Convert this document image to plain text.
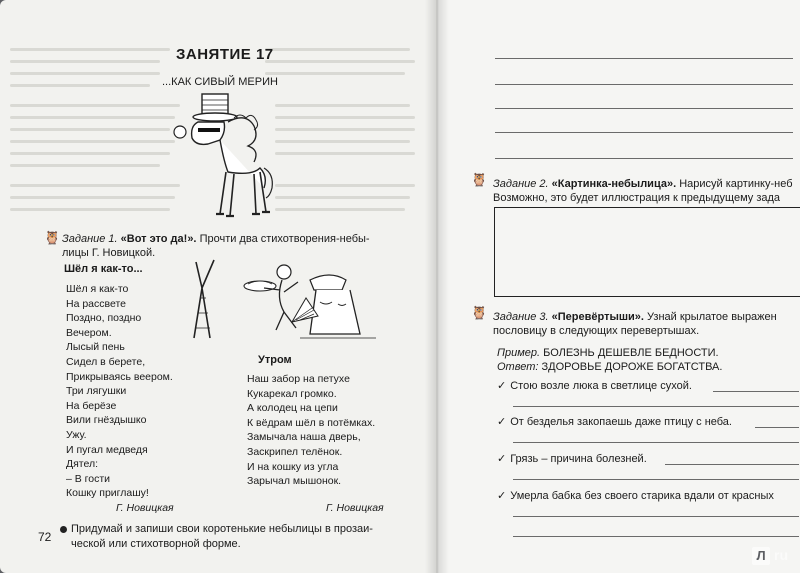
ЗАНЯТИЕ 17
...КАК СИВЫЙ МЕРИН
🦉 Задание 1. «Вот это да!». Прочти два стихотворения-небы-
лицы Г. Новицкой.
Шёл я как-то...
Шёл я как-то
На рассвете
Поздно, поздно
Вечером.
Лысый пень
Сидел в берете,
Прикрываясь веером.
Три лягушки
На берёзе
Вили гнёздышко
Ужу.
И пугал медведя
Дятел:
– В гости
Кошку приглашу!
Г. Новицкая
Утром
Наш забор на петухе
Кукарекал громко.
А колодец на цепи
К вёдрам шёл в потёмках.
Замычала наша дверь,
Заскрипел телёнок.
И на кошку из угла
Зарычал мышонок.
Г. Новицкая
Придумай и запиши свои коротенькие небылицы в прозаи-
ческой или стихотворной форме.
72
🦉 Задание 2. «Картинка-небылица». Нарисуй картинку-неб
Возможно, это будет иллюстрация к предыдущему зада
🦉 Задание 3. «Перевёртыши». Узнай крылатое выражен
пословицу в следующих перевертышах.
Пример. БОЛЕЗНЬ ДЕШЕВЛЕ БЕДНОСТИ.
Ответ: ЗДОРОВЬЕ ДОРОЖЕ БОГАТСТВА.
✓ Стою возле люка в светлице сухой.
✓ От безделья закопаешь даже птицу с неба.
✓ Грязь – причина болезней.
✓ Умерла бабка без своего старика вдали от красных
Л ru
